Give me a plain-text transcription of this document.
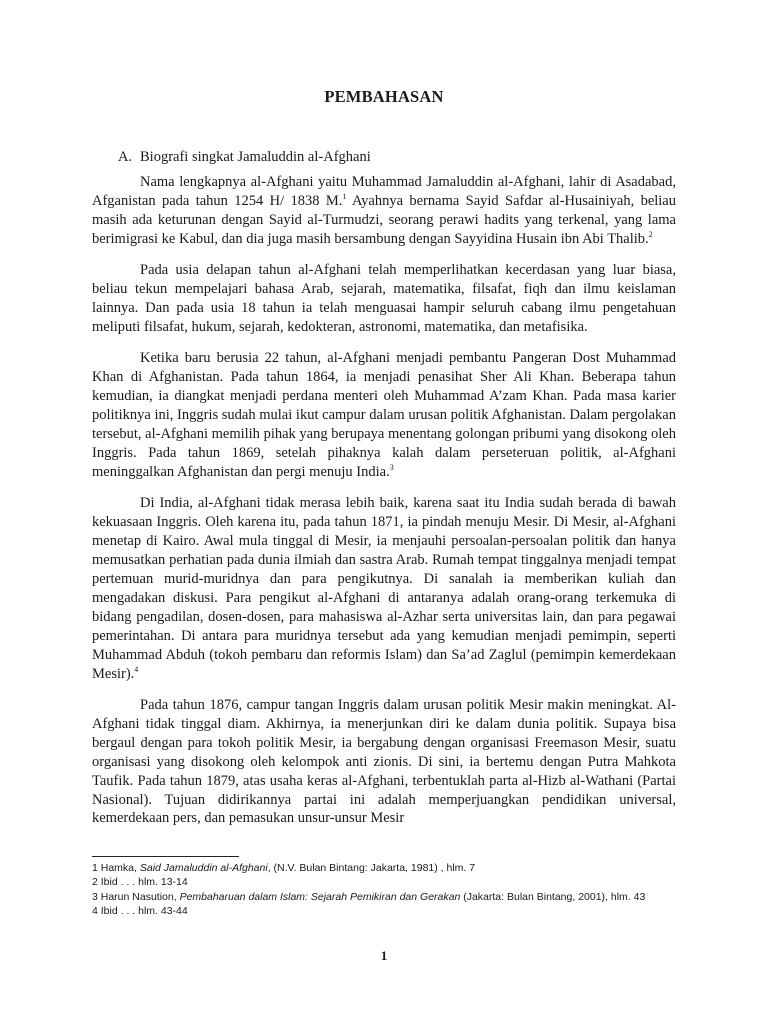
PEMBAHASAN
A. Biografi singkat Jamaluddin al-Afghani

Nama lengkapnya al-Afghani yaitu Muhammad Jamaluddin al-Afghani, lahir di Asadabad, Afganistan pada tahun 1254 H/ 1838 M.$^1$ Ayahnya bernama Sayid Safdar al-Husainiyah, beliau masih ada keturunan dengan Sayid al-Turmudzi, seorang perawi hadits yang terkenal, yang lama berimigrasi ke Kabul, dan dia juga masih bersambung dengan Sayyidina Husain ibn Abi Thalib.$^2$

Pada usia delapan tahun al-Afghani telah memperlihatkan kecerdasan yang luar biasa, beliau tekun mempelajari bahasa Arab, sejarah, matematika, filsafat, fiqh dan ilmu keislaman lainnya. Dan pada usia 18 tahun ia telah menguasai hampir seluruh cabang ilmu pengetahuan meliputi filsafat, hukum, sejarah, kedokteran, astronomi, matematika, dan metafisika.

Ketika baru berusia 22 tahun, al-Afghani menjadi pembantu Pangeran Dost Muhammad Khan di Afghanistan. Pada tahun 1864, ia menjadi penasihat Sher Ali Khan. Beberapa tahun kemudian, ia diangkat menjadi perdana menteri oleh Muhammad A’zam Khan. Pada masa karier politiknya ini, Inggris sudah mulai ikut campur dalam urusan politik Afghanistan. Dalam pergolakan tersebut, al-Afghani memilih pihak yang berupaya menentang golongan pribumi yang disokong oleh Inggris. Pada tahun 1869, setelah pihaknya kalah dalam perseteruan politik, al-Afghani meninggalkan Afghanistan dan pergi menuju India.$^3$

Di India, al-Afghani tidak merasa lebih baik, karena saat itu India sudah berada di bawah kekuasaan Inggris. Oleh karena itu, pada tahun 1871, ia pindah menuju Mesir. Di Mesir, al-Afghani menetap di Kairo. Awal mula tinggal di Mesir, ia menjauhi persoalan-persoalan politik dan hanya memusatkan perhatian pada dunia ilmiah dan sastra Arab. Rumah tempat tinggalnya menjadi tempat pertemuan murid-muridnya dan para pengikutnya. Di sanalah ia memberikan kuliah dan mengadakan diskusi. Para pengikut al-Afghani di antaranya adalah orang-orang terkemuka di bidang pengadilan, dosen-dosen, para mahasiswa al-Azhar serta universitas lain, dan para pegawai pemerintahan. Di antara para muridnya tersebut ada yang kemudian menjadi pemimpin, seperti Muhammad Abduh (tokoh pembaru dan reformis Islam) dan Sa’ad Zaglul (pemimpin kemerdekaan Mesir).$^4$

Pada tahun 1876, campur tangan Inggris dalam urusan politik Mesir makin meningkat. Al-Afghani tidak tinggal diam. Akhirnya, ia menerjunkan diri ke dalam dunia politik. Supaya bisa bergaul dengan para tokoh politik Mesir, ia bergabung dengan organisasi Freemason Mesir, suatu organisasi yang disokong oleh kelompok anti zionis. Di sini, ia bertemu dengan Putra Mahkota Taufik. Pada tahun 1879, atas usaha keras al-Afghani, terbentuklah parta al-Hizb al-Wathani (Partai Nasional). Tujuan didirikannya partai ini adalah memperjuangkan pendidikan universal, kemerdekaan pers, dan pemasukan unsur-unsur Mesir

1 Hamka, Said Jamaluddin al-Afghani, (N.V. Bulan Bintang: Jakarta, 1981) , hlm. 7
2 Ibid . . . hlm. 13-14
3 Harun Nasution, Pembaharuan dalam Islam: Sejarah Pemikiran dan Gerakan (Jakarta: Bulan Bintang, 2001), hlm. 43
4 Ibid . . . hlm. 43-44
1
